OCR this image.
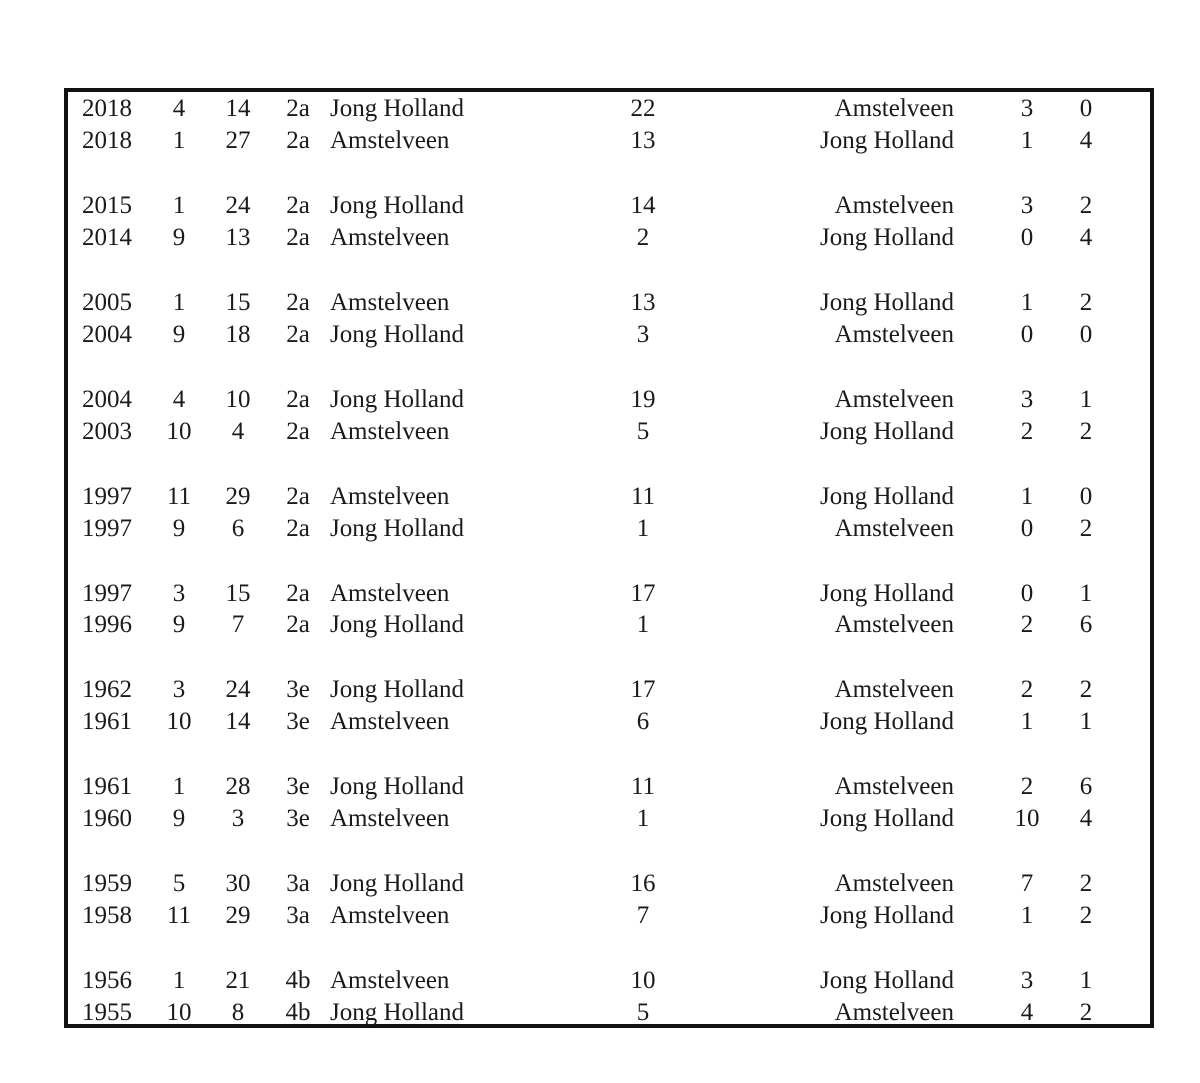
2018	4	14	2a Jong Holland	22	Amstelveen	3	0
2018	1	27	2a Amstelveen	13	Jong Holland	1	4
2015	1	24	2a Jong Holland	14	Amstelveen	3	2
2014	9	13	2a Amstelveen	2	Jong Holland	0	4
2005	1	15	2a Amstelveen	13	Jong Holland	1	2
2004	9	18	2a Jong Holland	3	Amstelveen	0	0
2004	4	10	2a Jong Holland	19	Amstelveen	3	1
2003	10	4	2a Amstelveen	5	Jong Holland	2	2
1997	11	29	2a Amstelveen	11	Jong Holland	1	0
1997	9	6	2a Jong Holland	1	Amstelveen	0	2
1997	3	15	2a Amstelveen	17	Jong Holland	0	1
1996	9	7	2a Jong Holland	1	Amstelveen	2	6
1962	3	24	3e Jong Holland	17	Amstelveen	2	2
1961	10	14	3e Amstelveen	6	Jong Holland	1	1
1961	1	28	3e Jong Holland	11	Amstelveen	2	6
1960	9	3	3e Amstelveen	1	Jong Holland	10	4
1959	5	30	3a Jong Holland	16	Amstelveen	7	2
1958	11	29	3a Amstelveen	7	Jong Holland	1	2
1956	1	21	4b Amstelveen	10	Jong Holland	3	1
1955	10	8	4b Jong Holland	5	Amstelveen	4	2
